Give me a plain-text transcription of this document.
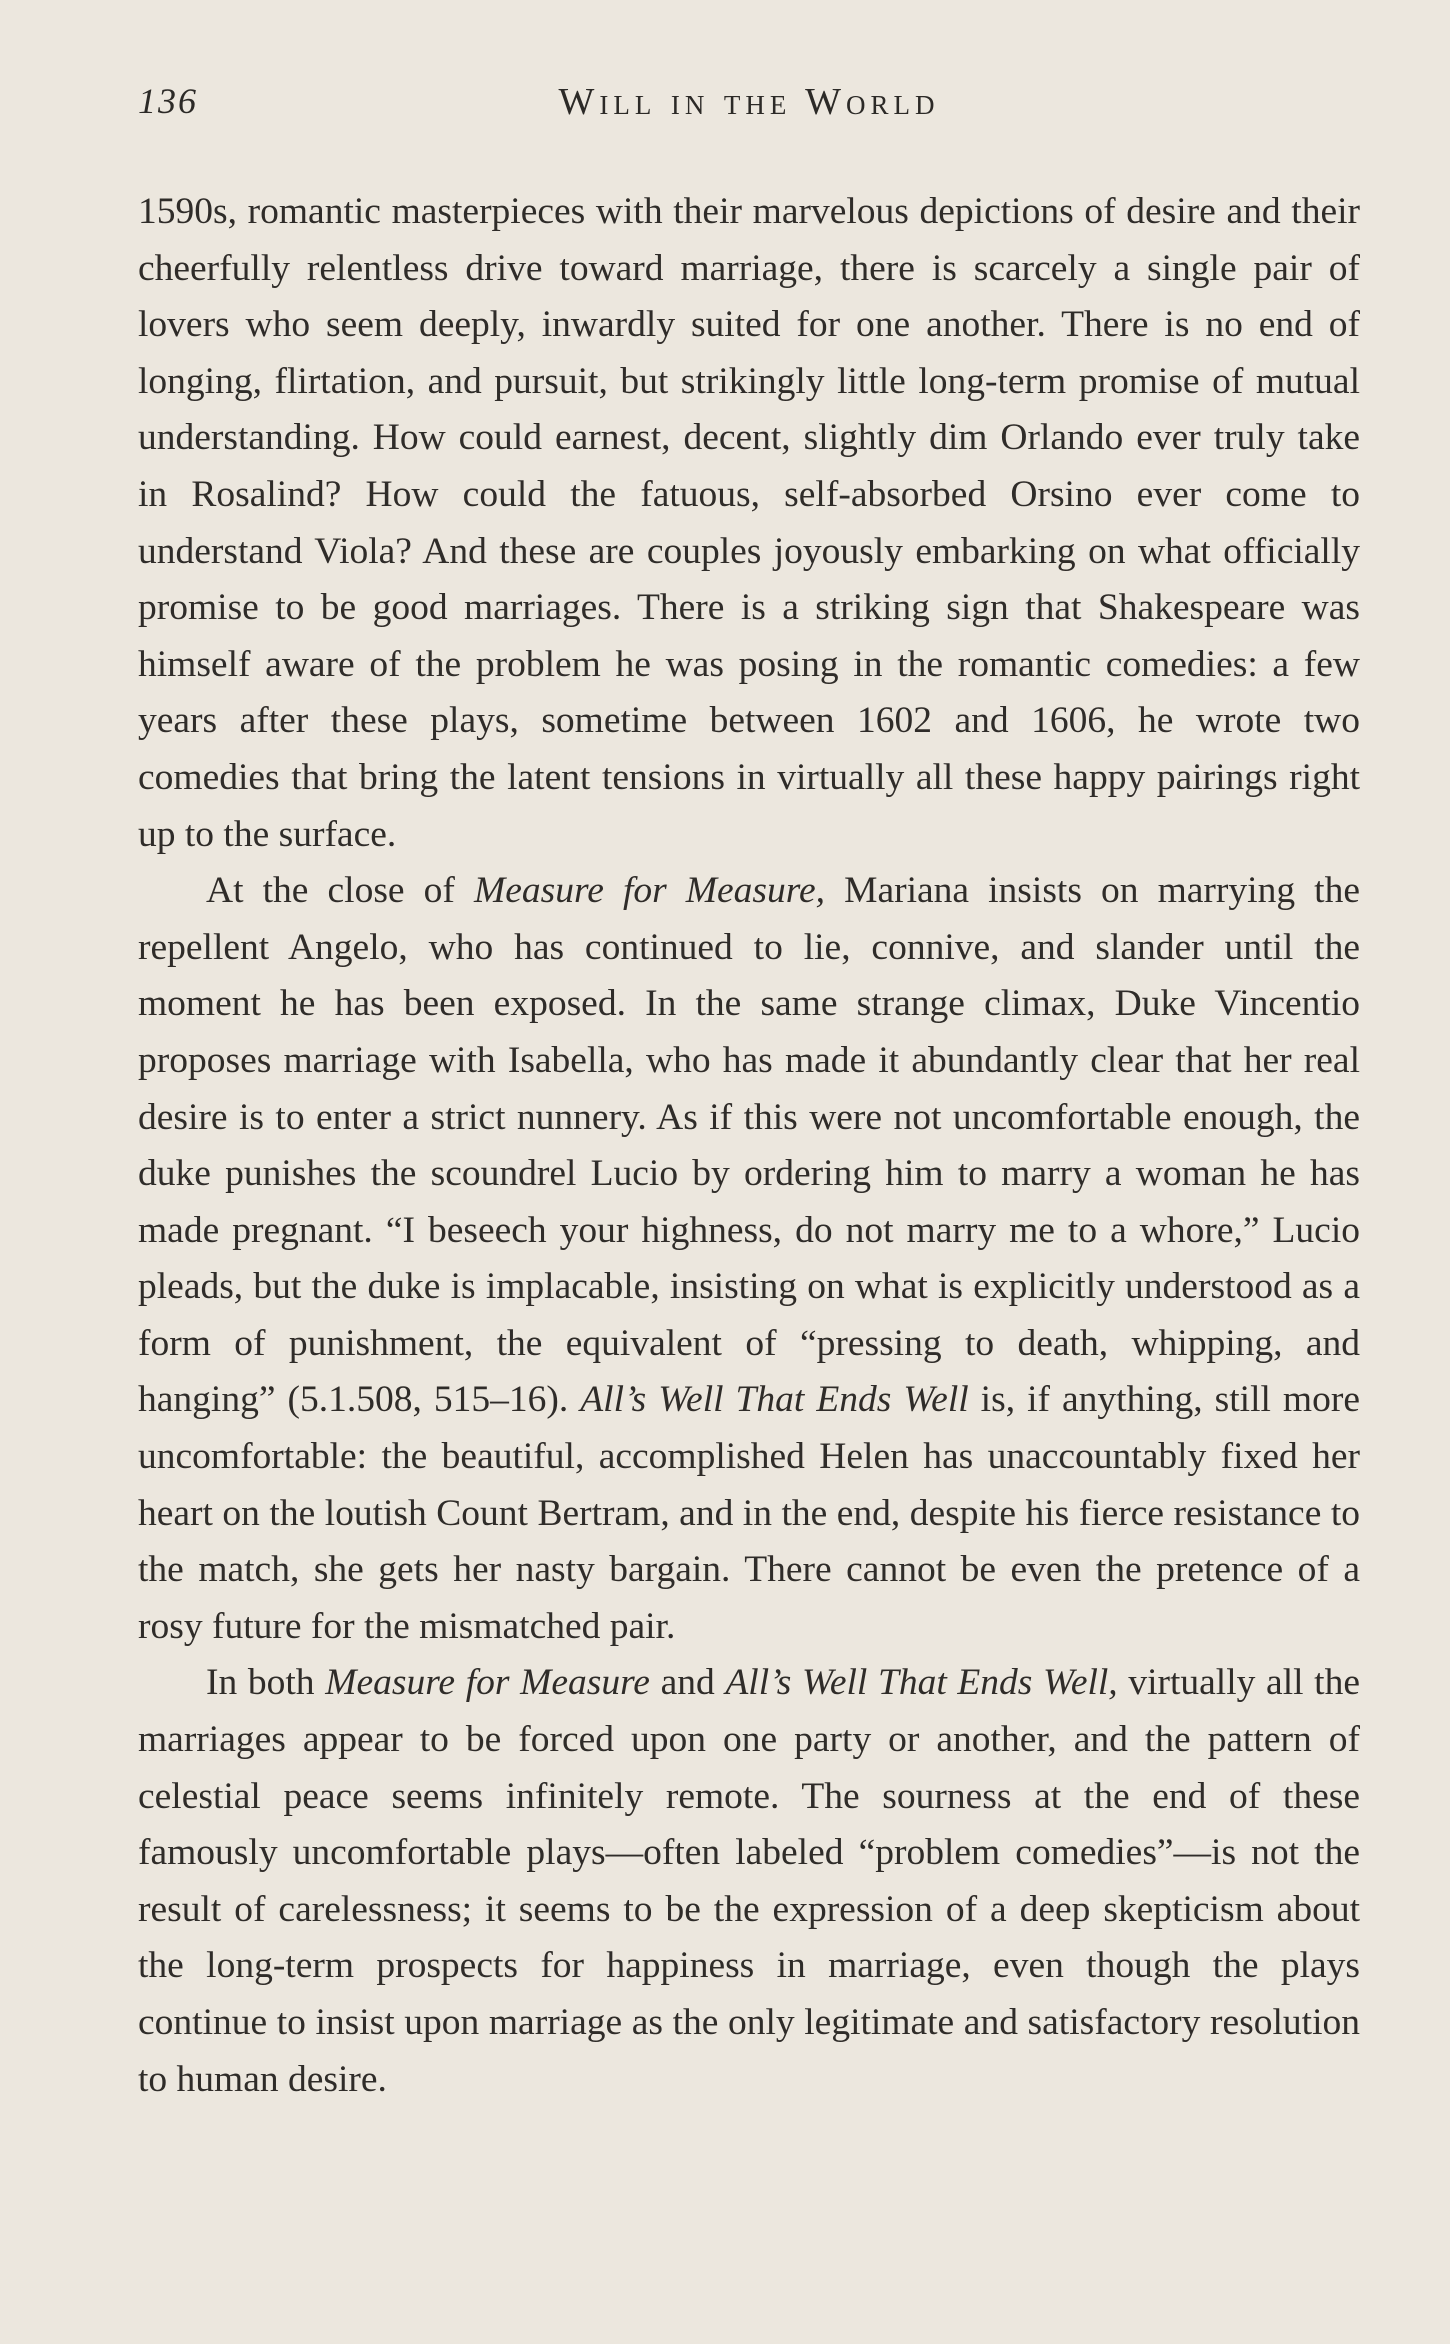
136	Will in the World

1590s, romantic masterpieces with their marvelous depictions of desire and their cheerfully relentless drive toward marriage, there is scarcely a single pair of lovers who seem deeply, inwardly suited for one another. There is no end of longing, flirtation, and pursuit, but strikingly little long-term promise of mutual understanding. How could earnest, decent, slightly dim Orlando ever truly take in Rosalind? How could the fatuous, self-absorbed Orsino ever come to understand Viola? And these are couples joyously embarking on what officially promise to be good marriages. There is a striking sign that Shakespeare was himself aware of the problem he was posing in the romantic comedies: a few years after these plays, sometime between 1602 and 1606, he wrote two comedies that bring the latent tensions in virtually all these happy pairings right up to the surface.

At the close of Measure for Measure, Mariana insists on marrying the repellent Angelo, who has continued to lie, connive, and slander until the moment he has been exposed. In the same strange climax, Duke Vincentio proposes marriage with Isabella, who has made it abundantly clear that her real desire is to enter a strict nunnery. As if this were not uncomfortable enough, the duke punishes the scoundrel Lucio by ordering him to marry a woman he has made pregnant. “I beseech your highness, do not marry me to a whore,” Lucio pleads, but the duke is implacable, insisting on what is explicitly understood as a form of punishment, the equivalent of “pressing to death, whipping, and hanging” (5.1.508, 515–16). All’s Well That Ends Well is, if anything, still more uncomfortable: the beautiful, accomplished Helen has unaccountably fixed her heart on the loutish Count Bertram, and in the end, despite his fierce resistance to the match, she gets her nasty bargain. There cannot be even the pretence of a rosy future for the mismatched pair.

In both Measure for Measure and All’s Well That Ends Well, virtually all the marriages appear to be forced upon one party or another, and the pattern of celestial peace seems infinitely remote. The sourness at the end of these famously uncomfortable plays—often labeled “problem comedies”—is not the result of carelessness; it seems to be the expression of a deep skepticism about the long-term prospects for happiness in marriage, even though the plays continue to insist upon marriage as the only legitimate and satisfactory resolution to human desire.
